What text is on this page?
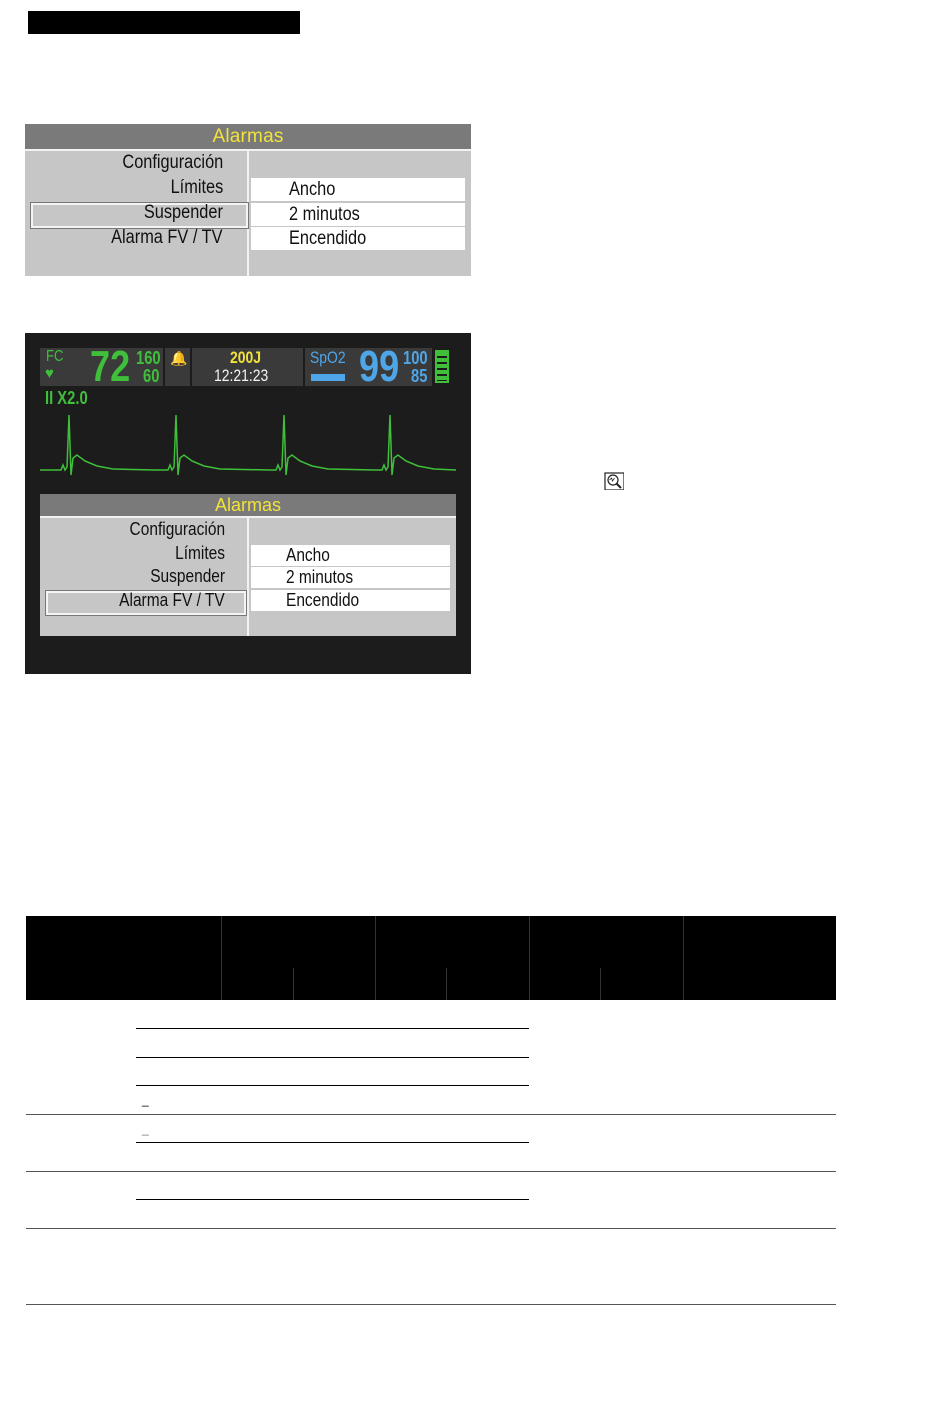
Alarmas
Configuración
Límites
Suspender
Alarma FV / TV
Ancho
2 minutos
Encendido
FC
♥ 72 160
60
🔔	200J
12:21:23
SpO2 99 100
85
II X2.0
Alarmas
Configuración
Límites
Suspender
Alarma FV / TV
Ancho
2 minutos
Encendido
_
_
